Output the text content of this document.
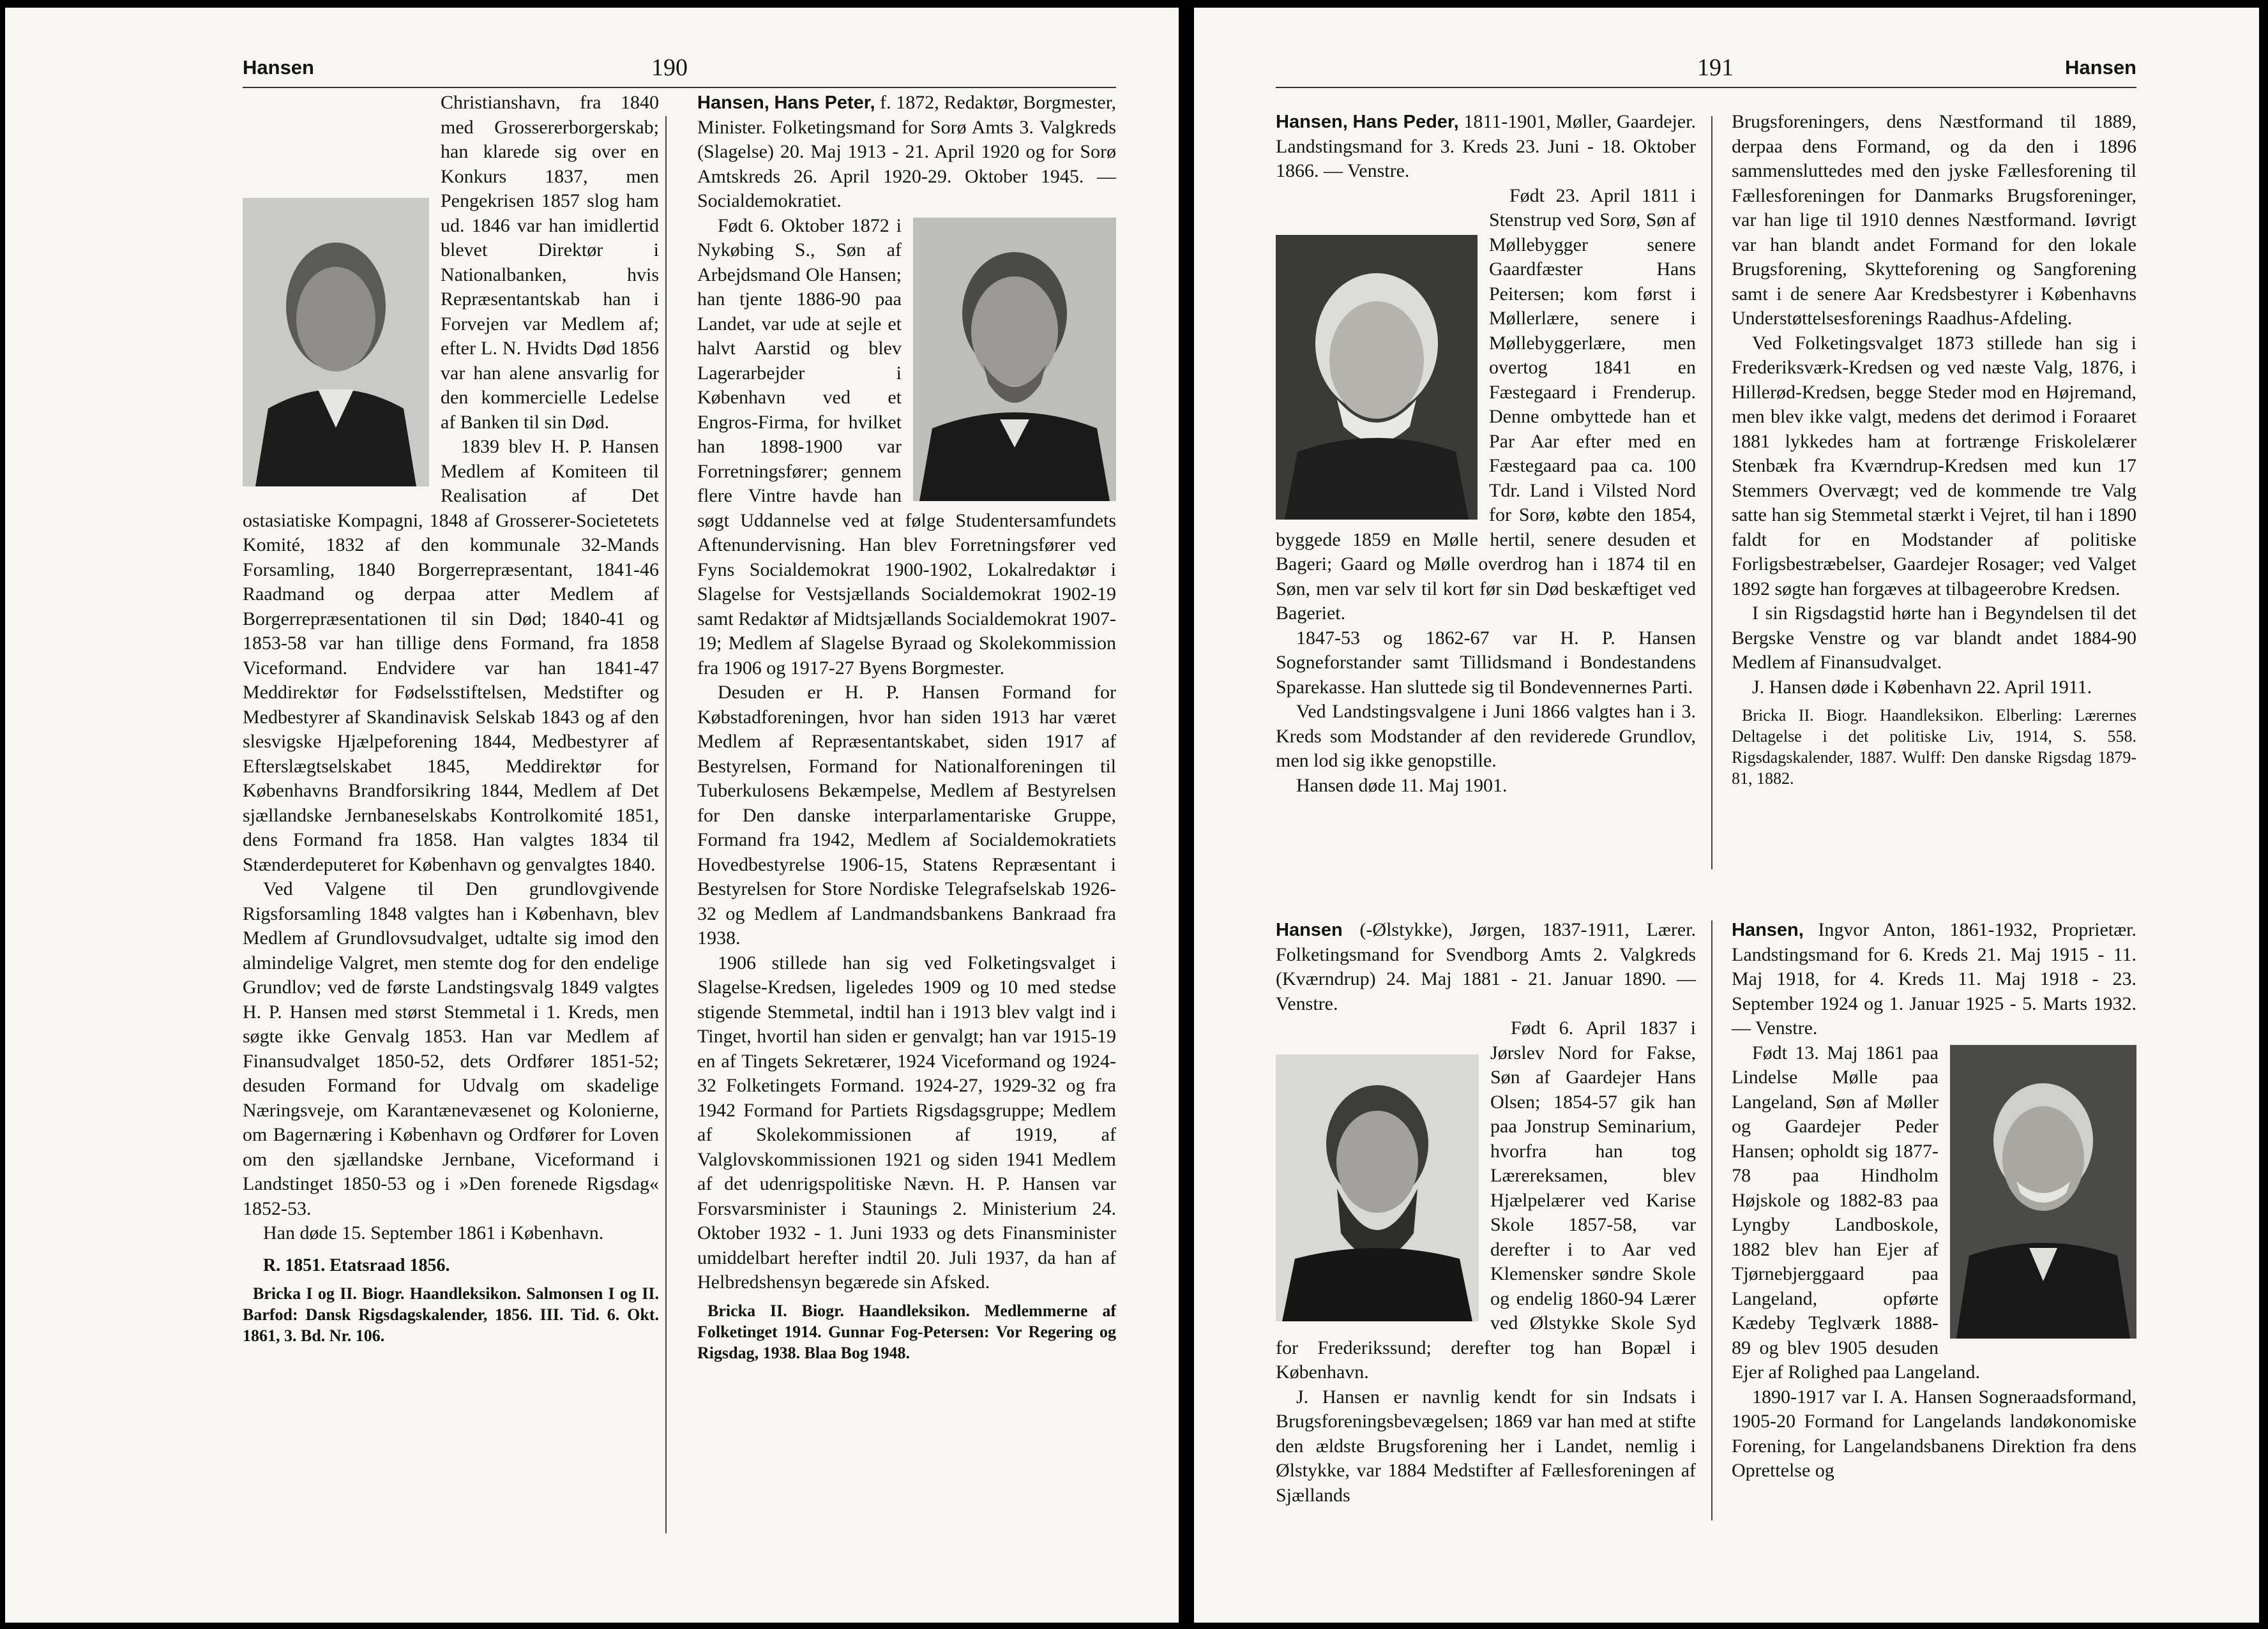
Hansen	190

Christianshavn, fra 1840 med Grossererborgerskab; han klarede sig over en Konkurs 1837, men Pengekrisen 1857 slog ham ud. 1846 var han imidlertid blevet Direktør i Nationalbanken, hvis Repræsentantskab han i Forvejen var Medlem af; efter L. N. Hvidts Død 1856 var han alene ansvarlig for den kommercielle Ledelse af Banken til sin Død.

1839 blev H. P. Hansen Medlem af Komiteen til Realisation af Det ostasiatiske Kompagni, 1848 af Grosserer-Societetets Komité, 1832 af den kommunale 32-Mands Forsamling, 1840 Borgerrepræsentant, 1841-46 Raadmand og derpaa atter Medlem af Borgerrepræsentationen til sin Død; 1840-41 og 1853-58 var han tillige dens Formand, fra 1858 Viceformand. Endvidere var han 1841-47 Meddirektør for Fødselsstiftelsen, Medstifter og Medbestyrer af Skandinavisk Selskab 1843 og af den slesvigske Hjælpeforening 1844, Medbestyrer af Efterslægtselskabet 1845, Meddirektør for Københavns Brandforsikring 1844, Medlem af Det sjællandske Jernbaneselskabs Kontrolkomité 1851, dens Formand fra 1858. Han valgtes 1834 til Stænderdeputeret for København og genvalgtes 1840.

Ved Valgene til Den grundlovgivende Rigsforsamling 1848 valgtes han i København, blev Medlem af Grundlovsudvalget, udtalte sig imod den almindelige Valgret, men stemte dog for den endelige Grundlov; ved de første Landstingsvalg 1849 valgtes H. P. Hansen med størst Stemmetal i 1. Kreds, men søgte ikke Genvalg 1853. Han var Medlem af Finansudvalget 1850-52, dets Ordfører 1851-52; desuden Formand for Udvalg om skadelige Næringsveje, om Karantænevæsenet og Kolonierne, om Bagernæring i København og Ordfører for Loven om den sjællandske Jernbane, Viceformand i Landstinget 1850-53 og i »Den forenede Rigsdag« 1852-53.

Han døde 15. September 1861 i København.

R. 1851. Etatsraad 1856.

Bricka I og II. Biogr. Haandleksikon. Salmonsen I og II. Barfod: Dansk Rigsdagskalender, 1856. III. Tid. 6. Okt. 1861, 3. Bd. Nr. 106.

Hansen, Hans Peter, f. 1872, Redaktør, Borgmester, Minister. Folketingsmand for Sorø Amts 3. Valgkreds (Slagelse) 20. Maj 1913 - 21. April 1920 og for Sorø Amtskreds 26. April 1920-29. Oktober 1945. — Socialdemokratiet.

Født 6. Oktober 1872 i Nykøbing S., Søn af Arbejdsmand Ole Hansen; han tjente 1886-90 paa Landet, var ude at sejle et halvt Aarstid og blev Lagerarbejder i København ved et Engros-Firma, for hvilket han 1898-1900 var Forretningsfører; gennem flere Vintre havde han søgt Uddannelse ved at følge Studentersamfundets Aftenundervisning. Han blev Forretningsfører ved Fyns Socialdemokrat 1900-1902, Lokalredaktør i Slagelse for Vestsjællands Socialdemokrat 1902-19 samt Redaktør af Midtsjællands Socialdemokrat 1907-19; Medlem af Slagelse Byraad og Skolekommission fra 1906 og 1917-27 Byens Borgmester.

Desuden er H. P. Hansen Formand for Købstadforeningen, hvor han siden 1913 har været Medlem af Repræsentantskabet, siden 1917 af Bestyrelsen, Formand for Nationalforeningen til Tuberkulosens Bekæmpelse, Medlem af Bestyrelsen for Den danske interparlamentariske Gruppe, Formand fra 1942, Medlem af Socialdemokratiets Hovedbestyrelse 1906-15, Statens Repræsentant i Bestyrelsen for Store Nordiske Telegrafselskab 1926-32 og Medlem af Landmandsbankens Bankraad fra 1938.

1906 stillede han sig ved Folketingsvalget i Slagelse-Kredsen, ligeledes 1909 og 10 med stedse stigende Stemmetal, indtil han i 1913 blev valgt ind i Tinget, hvortil han siden er genvalgt; han var 1915-19 en af Tingets Sekretærer, 1924 Viceformand og 1924-32 Folketingets Formand. 1924-27, 1929-32 og fra 1942 Formand for Partiets Rigsdagsgruppe; Medlem af Skolekommissionen af 1919, af Valglovskommissionen 1921 og siden 1941 Medlem af det udenrigspolitiske Nævn. H. P. Hansen var Forsvarsminister i Staunings 2. Ministerium 24. Oktober 1932 - 1. Juni 1933 og dets Finansminister umiddelbart herefter indtil 20. Juli 1937, da han af Helbredshensyn begærede sin Afsked.

Bricka II. Biogr. Haandleksikon. Medlemmerne af Folketinget 1914. Gunnar Fog-Petersen: Vor Regering og Rigsdag, 1938. Blaa Bog 1948.

191	Hansen

Hansen, Hans Peder, 1811-1901, Møller, Gaardejer. Landstingsmand for 3. Kreds 23. Juni - 18. Oktober 1866. — Venstre.

Født 23. April 1811 i Stenstrup ved Sorø, Søn af Møllebygger senere Gaardfæster Hans Peitersen; kom først i Møllerlære, senere i Møllebyggerlære, men overtog 1841 en Fæstegaard i Frenderup. Denne ombyttede han et Par Aar efter med en Fæstegaard paa ca. 100 Tdr. Land i Vilsted Nord for Sorø, købte den 1854, byggede 1859 en Mølle hertil, senere desuden et Bageri; Gaard og Mølle overdrog han i 1874 til en Søn, men var selv til kort før sin Død beskæftiget ved Bageriet.

1847-53 og 1862-67 var H. P. Hansen Sogneforstander samt Tillidsmand i Bondestandens Sparekasse. Han sluttede sig til Bondevennernes Parti.

Ved Landstingsvalgene i Juni 1866 valgtes han i 3. Kreds som Modstander af den reviderede Grundlov, men lod sig ikke genopstille.

Hansen døde 11. Maj 1901.

Brugsforeningers, dens Næstformand til 1889, derpaa dens Formand, og da den i 1896 sammensluttedes med den jyske Fællesforening til Fællesforeningen for Danmarks Brugsforeninger, var han lige til 1910 dennes Næstformand. Iøvrigt var han blandt andet Formand for den lokale Brugsforening, Skytteforening og Sangforening samt i de senere Aar Kredsbestyrer i Københavns Understøttelsesforenings Raadhus-Afdeling.

Ved Folketingsvalget 1873 stillede han sig i Frederiksværk-Kredsen og ved næste Valg, 1876, i Hillerød-Kredsen, begge Steder mod en Højremand, men blev ikke valgt, medens det derimod i Foraaret 1881 lykkedes ham at fortrænge Friskolelærer Stenbæk fra Kværndrup-Kredsen med kun 17 Stemmers Overvægt; ved de kommende tre Valg satte han sig Stemmetal stærkt i Vejret, til han i 1890 faldt for en Modstander af politiske Forligsbestræbelser, Gaardejer Rosager; ved Valget 1892 søgte han forgæves at tilbageerobre Kredsen.

I sin Rigsdagstid hørte han i Begyndelsen til det Bergske Venstre og var blandt andet 1884-90 Medlem af Finansudvalget.

J. Hansen døde i København 22. April 1911.

Bricka II. Biogr. Haandleksikon. Elberling: Lærernes Deltagelse i det politiske Liv, 1914, S. 558. Rigsdagskalender, 1887. Wulff: Den danske Rigsdag 1879-81, 1882.

Hansen (-Ølstykke), Jørgen, 1837-1911, Lærer. Folketingsmand for Svendborg Amts 2. Valgkreds (Kværndrup) 24. Maj 1881 - 21. Januar 1890. — Venstre.

Født 6. April 1837 i Jørslev Nord for Fakse, Søn af Gaardejer Hans Olsen; 1854-57 gik han paa Jonstrup Seminarium, hvorfra han tog Lærereksamen, blev Hjælpelærer ved Karise Skole 1857-58, var derefter i to Aar ved Klemensker søndre Skole og endelig 1860-94 Lærer ved Ølstykke Skole Syd for Frederikssund; derefter tog han Bopæl i København.

J. Hansen er navnlig kendt for sin Indsats i Brugsforeningsbevægelsen; 1869 var han med at stifte den ældste Brugsforening her i Landet, nemlig i Ølstykke, var 1884 Medstifter af Fællesforeningen af Sjællands

Hansen, Ingvor Anton, 1861-1932, Proprietær. Landstingsmand for 6. Kreds 21. Maj 1915 - 11. Maj 1918, for 4. Kreds 11. Maj 1918 - 23. September 1924 og 1. Januar 1925 - 5. Marts 1932. — Venstre.

Født 13. Maj 1861 paa Lindelse Mølle paa Langeland, Søn af Møller og Gaardejer Peder Hansen; opholdt sig 1877-78 paa Hindholm Højskole og 1882-83 paa Lyngby Landboskole, 1882 blev han Ejer af Tjørnebjerggaard paa Langeland, opførte Kædeby Teglværk 1888-89 og blev 1905 desuden Ejer af Rolighed paa Langeland.

1890-1917 var I. A. Hansen Sogneraadsformand, 1905-20 Formand for Langelands landøkonomiske Forening, for Langelandsbanens Direktion fra dens Oprettelse og
